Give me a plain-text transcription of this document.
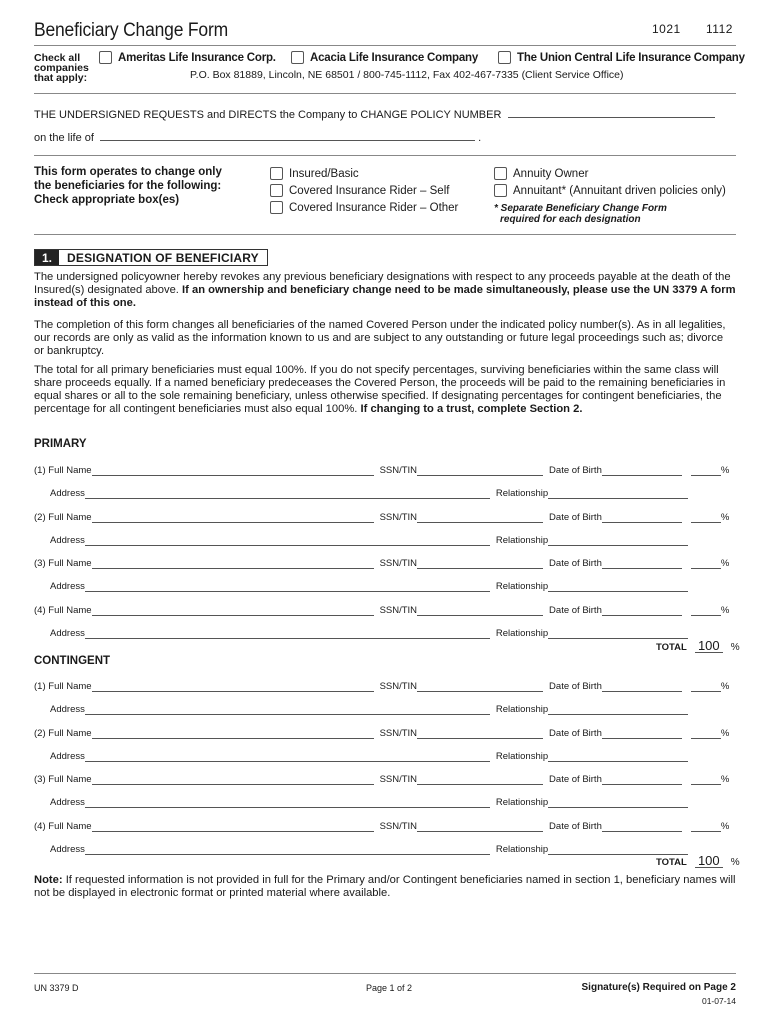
Beneficiary Change Form	1021 1112
Check all
companies
that apply:
Ameritas Life Insurance Corp.	Acacia Life Insurance Company	The Union Central Life Insurance Company
P.O. Box 81889, Lincoln, NE 68501 / 800-745-1112, Fax 402-467-7335 (Client Service Office)
THE UNDERSIGNED REQUESTS and DIRECTS the Company to CHANGE POLICY NUMBER
on the life of	.
This form operates to change only
the beneficiaries for the following:
Check appropriate box(es)
Insured/Basic
Covered Insurance Rider – Self
Covered Insurance Rider – Other
Annuity Owner
Annuitant* (Annuitant driven policies only)
* Separate Beneficiary Change Form
required for each designation
1.	DESIGNATION OF BENEFICIARY
The undersigned policyowner hereby revokes any previous beneficiary designations with respect to any proceeds payable at the death of the Insured(s) designated above. If an ownership and beneficiary change need to be made simultaneously, please use the UN 3379 A form instead of this one.
The completion of this form changes all beneficiaries of the named Covered Person under the indicated policy number(s). As in all legalities, our records are only as valid as the information known to us and are subject to any outstanding or future legal proceedings such as; divorce or bankruptcy.
The total for all primary beneficiaries must equal 100%. If you do not specify percentages, surviving beneficiaries within the same class will share proceeds equally. If a named beneficiary predeceases the Covered Person, the proceeds will be paid to the remaining beneficiaries in equal shares or all to the sole remaining beneficiary, unless otherwise specified. If designating percentages for contingent beneficiaries, the percentage for all contingent beneficiaries must also equal 100%. If changing to a trust, complete Section 2.
PRIMARY
(1)
Full Name	SSN/TIN	Date of Birth	%
Address	Relationship
(2)
Full Name	SSN/TIN	Date of Birth	%
Address	Relationship
(3)
Full Name	SSN/TIN	Date of Birth	%
Address	Relationship
(4)
Full Name	SSN/TIN	Date of Birth	%
Address	Relationship
TOTAL 100	%
CONTINGENT
(1)
Full Name	SSN/TIN	Date of Birth	%
Address	Relationship
(2)
Full Name	SSN/TIN	Date of Birth	%
Address	Relationship
(3)
Full Name	SSN/TIN	Date of Birth	%
Address	Relationship
(4)
Full Name	SSN/TIN	Date of Birth	%
Address	Relationship
TOTAL 100	%
Note: If requested information is not provided in full for the Primary and/or Contingent beneficiaries named in section 1, beneficiary names will not be displayed in electronic format or printed material where available.
UN 3379 D	Page 1 of 2	Signature(s) Required on Page 2
01-07-14
